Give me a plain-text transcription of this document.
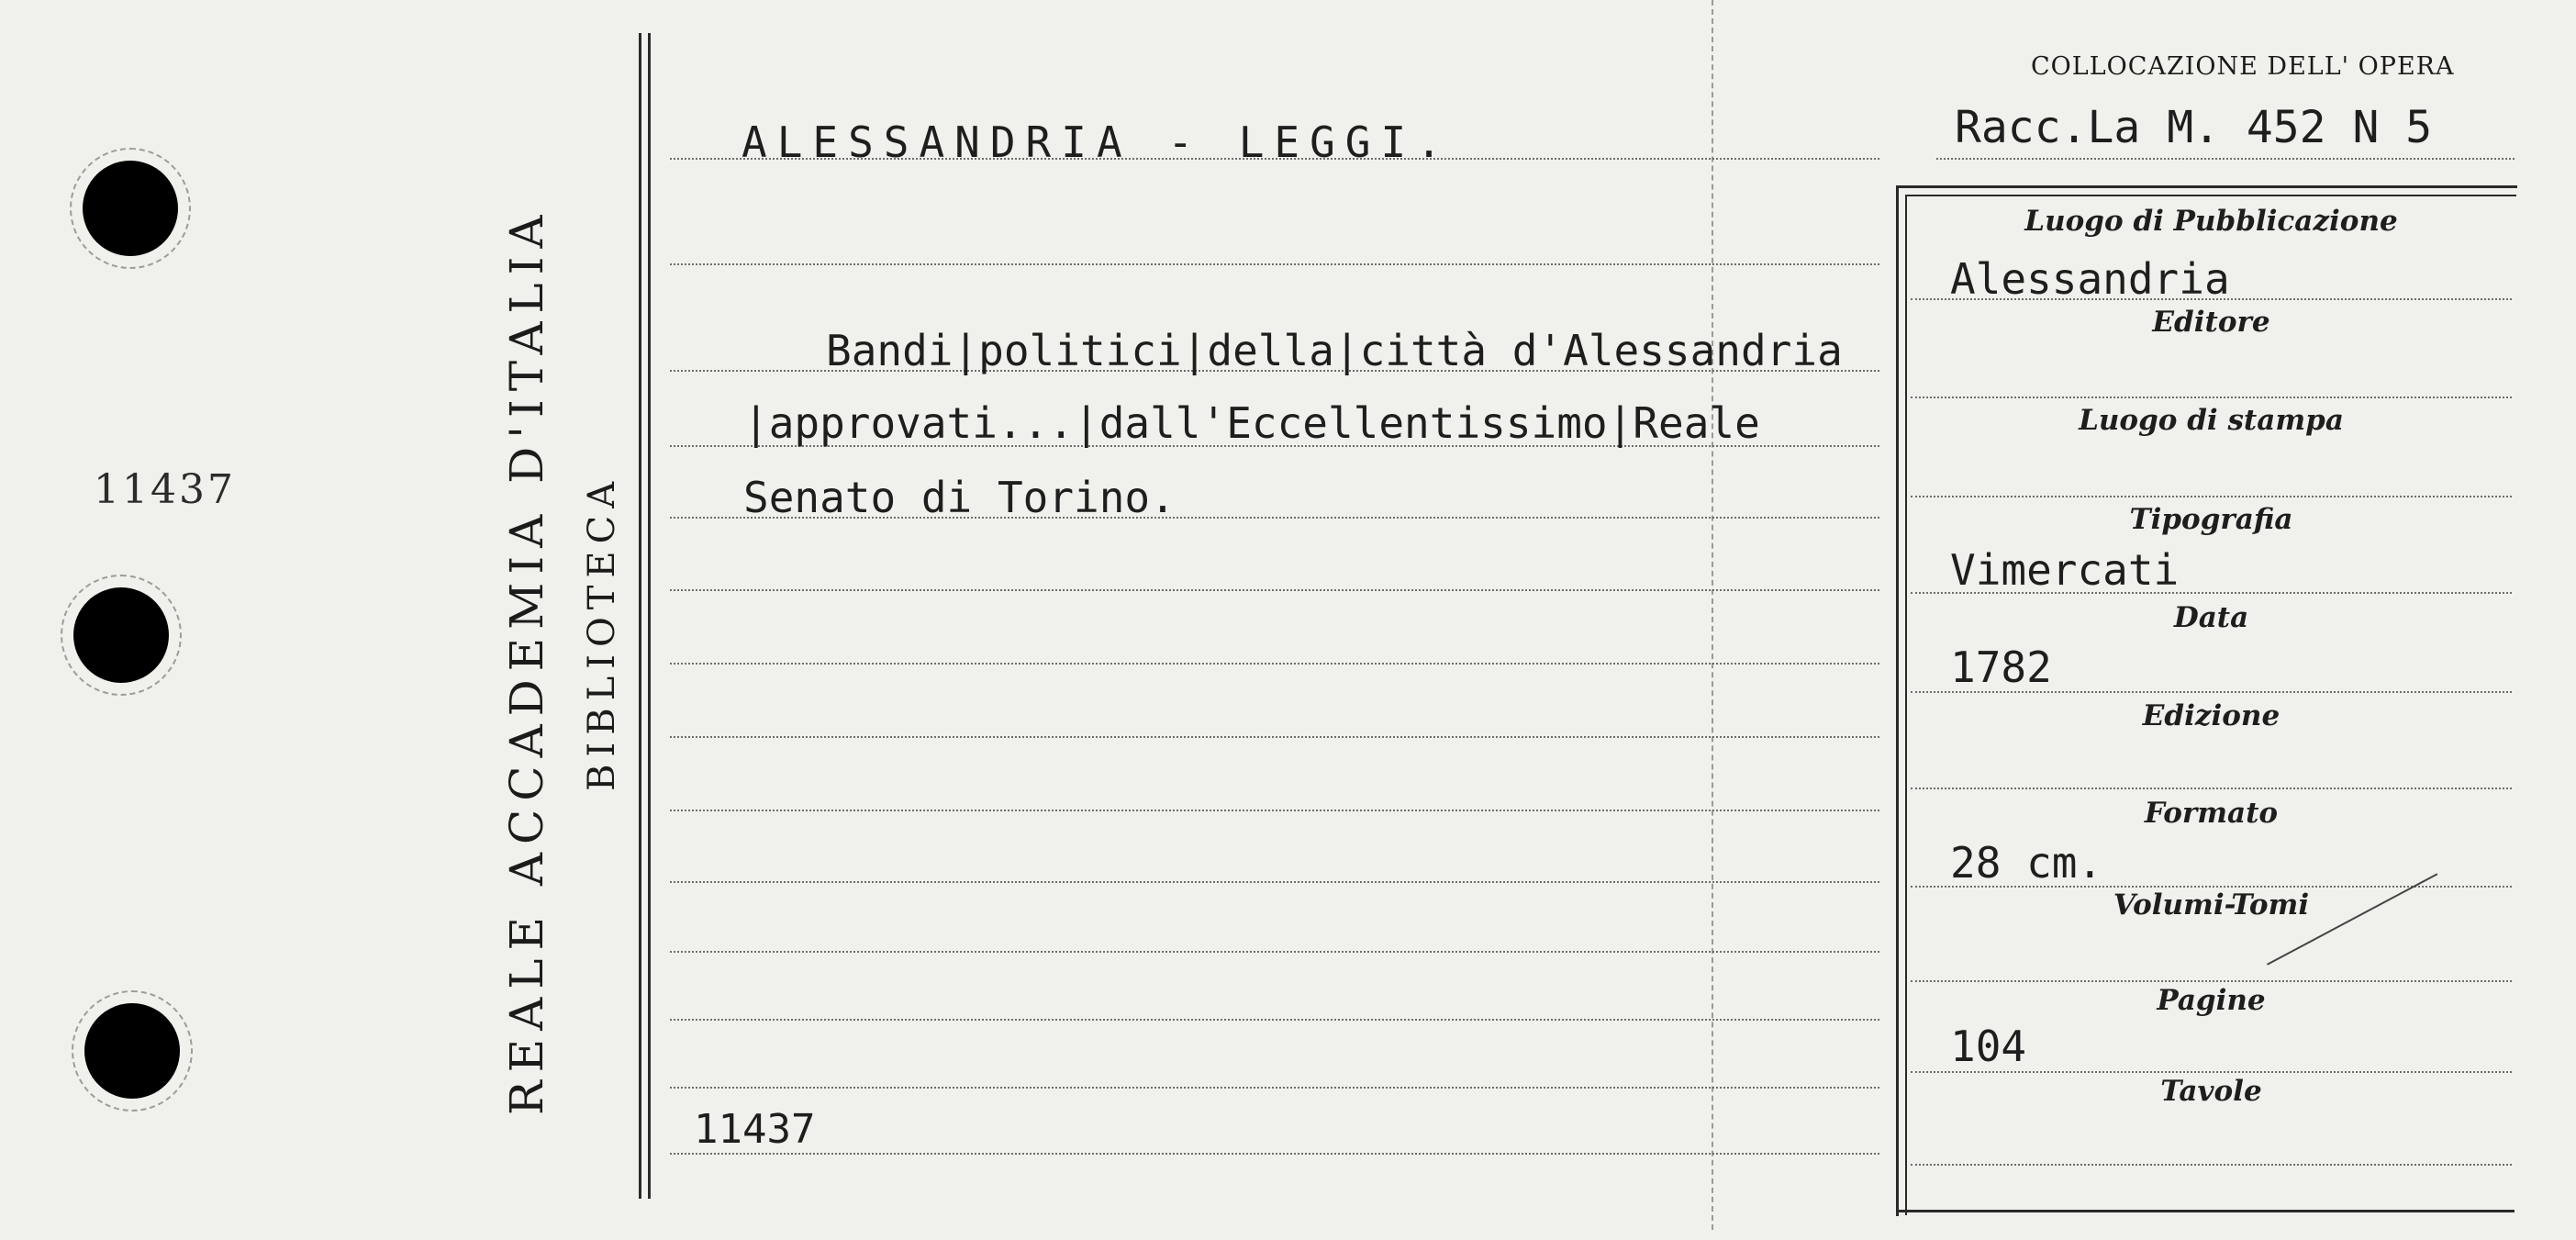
11437	REALE ACCADEMIA D'ITALIA BIBLIOTECA
COLLOCAZIONE DELL' OPERA
Racc.La M. 452 N 5
ALESSANDRIA - LEGGI.
Bandi|politici|della|città d'Alessandria
|approvati...|dall'Eccellentissimo|Reale
Senato di Torino.
11437
Luogo di Pubblicazione
Alessandria
Editore
Luogo di stampa
Tipografia
Vimercati
Data
1782
Edizione
Formato
28 cm.
Volumi-Tomi
Pagine
104
Tavole
